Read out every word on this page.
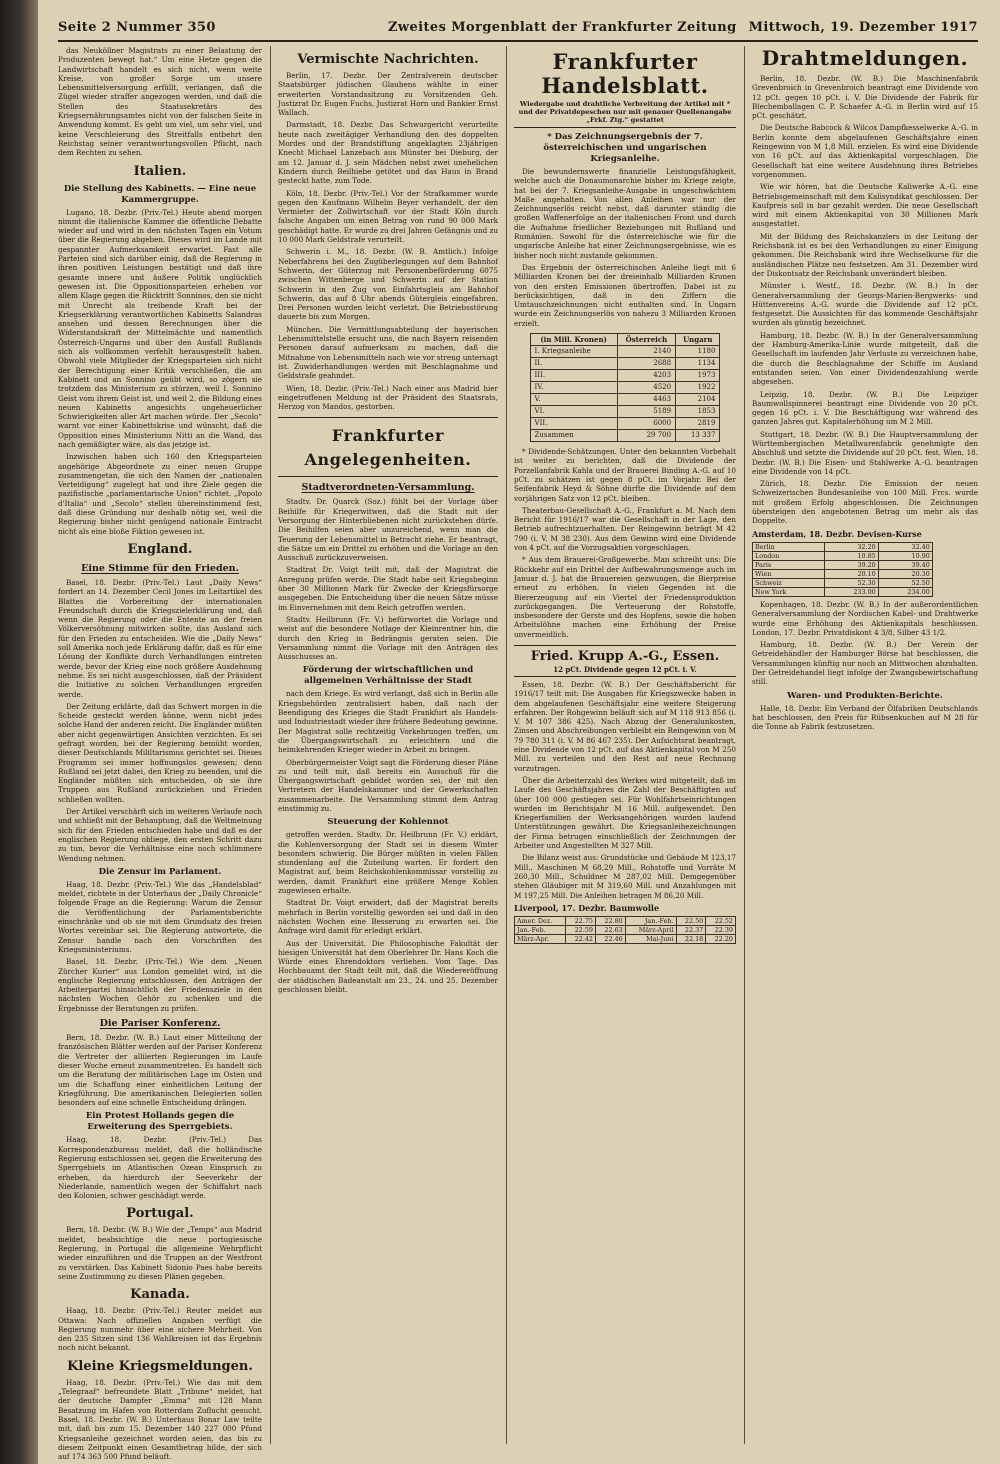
Seite 2 Nummer 350	Zweites Morgenblatt der Frankfurter Zeitung Mittwoch, 19. Dezember 1917

das Neuköllner Magistrats zu einer Belastung der Produzenten bewegt hat.“ Um eine Hetze gegen die Landwirtschaft handelt es sich nicht, wenn weite Kreise, von großer Sorge um unsere Lebensmittelversorgung erfüllt, verlangen, daß die Zügel wieder straffer angezogen werden, und daß die Stellen des Staatssekretärs des Kriegsernährungsamtes nicht von der falschen Seite in Anwendung kommt. Es geht um viel, um sehr viel, und keine Verschleierung des Streitfalls entbehrt den Reichstag seiner verantwortungsvollen Pflicht, nach dem Rechten zu sehen.

Italien.
Die Stellung des Kabinetts. — Eine neue Kammergruppe.

Lugano, 18. Dezbr. (Priv.-Tel.) Heute abend morgen nimmt die italienische Kammer die öffentliche Debatte wieder auf und wird in den nächsten Tagen ein Votum über die Regierung abgeben. Dieses wird im Lande mit gespannter Aufmerksamkeit erwartet. Fast alle Parteien sind sich darüber einig, daß die Regierung in ihren positiven Leistungen bestätigt und daß ihre gesamte innere und äußere Politik unglücklich gewesen ist. Die Oppositionsparteien erheben vor allem Klage gegen die Rücktritt Sonninos, den sie nicht mit Unrecht als treibende Kraft bei der Kriegserklärung verantwortlichen Kabinetts Salandras ansehen und dessen Berechnungen über die Widerstandskraft der Mittelmächte und namentlich Österreich-Ungarns und über den Ausfall Rußlands sich als vollkommen verfehlt herausgestellt haben. Obwohl viele Mitglieder der Kriegsparteien sich nicht der Berechtigung einer Kritik verschließen, die am Kabinett und an Sonnino geübt wird, so zögern sie trotzdem das Ministerium zu stürzen, weil I. Sonnino Geist vom ihrem Geist ist, und weil 2. die Bildung eines neuen Kabinetts angesichts ungeheuerlicher Schwierigkeiten aller Art machen würde. Der „Secolo“ warnt vor einer Kabinettskrise und wünscht, daß die Opposition eines Ministeriums Nitti an die Wand, das nach gemäßigter wäre, als das jetzige ist.

Inzwischen haben sich 160 den Kriegsparteien angehörige Abgeordnete zu einer neuen Gruppe zusammengetan, die sich den Namen der „nationalen Verteidigung“ zugelegt hat und ihre Ziele gegen die pazifistische „parlamentarische Union“ richtet. „Popolo d'Italia“ und „Secolo“ stellen übereinstimmend fest, daß diese Gründung nur deshalb nötig sei, weil die Regierung bisher nicht genügend nationale Eintracht nicht als eine bloße Fiktion gewesen ist.

England.
Eine Stimme für den Frieden.

Basel, 18. Dezbr. (Priv.-Tel.) Laut „Daily News“ fordert an 14. Dezember Cecil Jones im Leitartikel des Blattes die Vorbereitung der internationalen Freundschaft durch die Kriegszielerklärung und, daß wenn die Regierung oder die Entente an der freien Völkerversöhnung mitwirken sollte, das Ausland sich für den Frieden zu entscheiden. Wie die „Daily News“ soll Amerika noch jede Erklärung dafür, daß es für eine Lösung der Konflikte durch Verhandlungen eintreten werde, bevor der Krieg eine noch größere Ausdehnung nehme. Es sei nicht ausgeschlossen, daß der Präsident die Initiative zu solchen Verhandlungen ergreifen werde.

Der Zeitung erklärte, daß das Schwert morgen in die Scheide gesteckt werden könne, wenn nicht jedes solche Hand der anderen reicht. Die Engländer müßten aber nicht gegenwärtigen Ansichten verzichten. Es sei gefragt worden, bei der Regierung bemüht worden, dieser Deutschlands Mililtarismus gerichtet sei. Dieses Programm sei immer hoffnungslos gewesen; denn Rußland sei jetzt dabei, den Krieg zu beenden, und die Engländer müßten sich entscheiden, ob sie ihre Truppen aus Rußland zurückziehen und Frieden schließen wollten.

Der Artikel verschärft sich im weiteren Verlaufe noch und schließt mit der Behauptung, daß die Weltmeinung sich für den Frieden entschieden habe und daß es der englischen Regierung obliege, den ersten Schritt dazu zu tun, bevor die Verhältnisse eine noch schlimmere Wendung nehmen.

Die Zensur im Parlament.

Haag, 18. Dezbr. (Priv.-Tel.) Wie das „Handelsblad“ meldet, richtete in der Unterhaus der „Daily Chronicle“ folgende Frage an die Regierung: Warum die Zensur die Veröffentlichung der Parlamentsberichte einschränke und ob sie mit dem Grundsatz des freien Wortes vereinbar sei. Die Regierung antwortete, die Zensur handle nach den Vorschriften des Kriegsministeriums.

Basel, 18. Dezbr. (Priv.-Tel.) Wie dem „Neuen Zürcher Kurier“ aus London gemeldet wird, ist die englische Regierung entschlossen, den Anträgen der Arbeiterpartei hinsichtlich der Friedensziele in den nächsten Wochen Gehör zu schenken und die Ergebnisse der Beratungen zu prüfen.

Die Pariser Konferenz.

Bern, 18. Dezbr. (W. B.) Laut einer Mitteilung der französischen Blätter werden auf der Pariser Konferenz die Vertreter der alliierten Regierungen im Laufe dieser Woche erneut zusammentreten. Es handelt sich um die Beratung der militärischen Lage im Osten und um die Schaffung einer einheitlichen Leitung der Kriegführung. Die amerikanischen Delegierten sollen besonders auf eine schnelle Entscheidung drängen.

Ein Protest Hollands gegen die Erweiterung des Sperrgebiets.

Haag, 18. Dezbr. (Priv.-Tel.) Das Korrespondenzbureau meldet, daß die holländische Regierung entschlossen sei, gegen die Erweiterung des Sperrgebiets im Atlantischen Ozean Einspruch zu erheben, da hierdurch der Seeverkehr der Niederlande, namentlich wegen der Schiffahrt nach den Kolonien, schwer geschädigt werde.

Portugal.

Bern, 18. Dezbr. (W. B.) Wie der „Temps“ aus Madrid meldet, beabsichtige die neue portugiesische Regierung, in Portugal die allgemeine Wehrpflicht wieder einzuführen und die Truppen an der Westfront zu verstärken. Das Kabinett Sidonio Paes habe bereits seine Zustimmung zu diesen Plänen gegeben.

Kanada.

Haag, 18. Dezbr. (Priv.-Tel.) Reuter meldet aus Ottawa: Nach offiziellen Angaben verfügt die Regierung nunmehr über eine sichere Mehrheit. Von den 235 Sitzen sind 136 Wahlkreisen ist das Ergebnis noch nicht bekannt.

Kleine Kriegsmeldungen.

Haag, 18. Dezbr. (Priv.-Tel.) Wie das mit dem „Telegraaf“ befreundete Blatt „Tribune“ meldet, hat der deutsche Dampfer „Emma“ mit 128 Mann Besatzung im Hafen von Rotterdam Zuflucht gesucht. Basel, 18. Dezbr. (W. B.) Unterhaus Bonar Law teilte mit, daß bis zum 15. Dezember 140 227 000 Pfund Kriegsanleihe gezeichnet worden seien, das bis zu diesem Zeitpunkt einen Gesamtbetrag bilde, der sich auf 174 363 500 Pfund beläuft.

Vermischte Nachrichten.

Berlin, 17. Dezbr. Der Zentralverein deutscher Staatsbürger jüdischen Glaubens wählte in einer erweiterten Vorstandssitzung zu Vorsitzenden Geh. Justizrat Dr. Eugen Fuchs, Justizrat Horn und Bankier Ernst Wallach.

Darmstadt, 18. Dezbr. Das Schwurgericht verurteilte heute nach zweitägiger Verhandlung den des doppelten Mordes und der Brandstiftung angeklagten 23jährigen Knecht Michael Lanzebach aus Münster bei Dieburg, der am 12. Januar d. J. sein Mädchen nebst zwei unehelichen Kindern durch Beilhiebe getötet und das Haus in Brand gesteckt hatte, zum Tode.

Köln, 18. Dezbr. (Priv.-Tel.) Vor der Strafkammer wurde gegen den Kaufmann Wilhelm Beyer verhandelt, der den Vermieter der Zollwirtschaft vor der Stadt Köln durch falsche Angaben um einen Betrag von rund 90 000 Mark geschädigt hatte. Er wurde zu drei Jahren Gefängnis und zu 10 000 Mark Geldstrafe verurteilt.

Schwerin i. M., 18. Dezbr. (W. B. Amtlich.) Infolge Neberfahrens bei den Zugüberlegungen auf dem Bahnhof Schwerin, der Güterzug mit Personenbeförderung 6075 zwischen Wittenberge und Schwerin auf der Station Schwerin in den Zug von Einfahrtsgleis am Bahnhof Schwerin, das auf 8 Uhr abends Gütergleis eingefahren. Drei Personen wurden leicht verletzt. Die Betriebsstörung dauerte bis zum Morgen.

München. Die Vermittlungsabteilung der bayerischen Lebensmittelstelle ersucht uns, die nach Bayern reisenden Personen darauf aufmerksam zu machen, daß die Mitnahme von Lebensmitteln nach wie vor streng untersagt ist. Zuwiderhandlungen werden mit Beschlagnahme und Geldstrafe geahndet.

Wien, 18. Dezbr. (Priv.-Tel.) Nach einer aus Madrid hier eingetroffenen Meldung ist der Präsident des Staatsrats, Herzog von Mandos, gestorben.

Frankfurter Angelegenheiten.
Stadtverordneten-Versammlung.

Stadtv. Dr. Quarck (Soz.) fühlt bei der Vorlage über Beihilfe für Kriegerwitwen, daß die Stadt mit der Versorgung der Hinterbliebenen nicht zurückstehen dürfe. Die Beihilfen seien aber unzureichend, wenn man die Teuerung der Lebensmittel in Betracht ziehe. Er beantragt, die Sätze um ein Drittel zu erhöhen und die Vorlage an den Ausschuß zurückzuverweisen.

Stadtrat Dr. Voigt teilt mit, daß der Magistrat die Anregung prüfen werde. Die Stadt habe seit Kriegsbeginn über 30 Millionen Mark für Zwecke der Kriegsfürsorge ausgegeben. Die Entscheidung über die neuen Sätze müsse im Einvernehmen mit dem Reich getroffen werden.

Stadtv. Heilbrunn (Fr. V.) befürwortet die Vorlage und weist auf die besondere Notlage der Kleinrentner hin, die durch den Krieg in Bedrängnis geraten seien. Die Versammlung nimmt die Vorlage mit den Anträgen des Ausschusses an.

Förderung der wirtschaftlichen und allgemeinen Verhältnisse der Stadt

nach dem Kriege. Es wird verlangt, daß sich in Berlin alle Kriegsbehörden zentralisiert haben, daß nach der Beendigung des Krieges die Stadt Frankfurt als Handels- und Industriestadt wieder ihre frühere Bedeutung gewinne. Der Magistrat solle rechtzeitig Vorkehrungen treffen, um die Übergangswirtschaft zu erleichtern und die heimkehrenden Krieger wieder in Arbeit zu bringen.

Oberbürgermeister Voigt sagt die Förderung dieser Pläne zu und teilt mit, daß bereits ein Ausschuß für die Übergangswirtschaft gebildet worden sei, der mit den Vertretern der Handelskammer und der Gewerkschaften zusammenarbeite. Die Versammlung stimmt dem Antrag einstimmig zu.

Steuerung der Kohlennot

getroffen werden. Stadtv. Dr. Heilbrunn (Fr. V.) erklärt, die Kohlenversorgung der Stadt sei in diesem Winter besonders schwierig. Die Bürger müßten in vielen Fällen stundenlang auf die Zuteilung warten. Er fordert den Magistrat auf, beim Reichskohlenkommissar vorstellig zu werden, damit Frankfurt eine größere Menge Kohlen zugewiesen erhalte.

Stadtrat Dr. Voigt erwidert, daß der Magistrat bereits mehrfach in Berlin vorstellig geworden sei und daß in den nächsten Wochen eine Besserung zu erwarten sei. Die Anfrage wird damit für erledigt erklärt.

Aus der Universität. Die Philosophische Fakultät der hiesigen Universität hat dem Oberlehrer Dr. Hans Koch die Würde eines Ehrendoktors verliehen. Vom Tage. Das Hochbauamt der Stadt teilt mit, daß die Wiedereröffnung der städtischen Badeanstalt am 23., 24. und 25. Dezember geschlossen bleibt.

Frankfurter Handelsblatt.
Wiedergabe und drahtliche Verbreitung der Artikel mit * und der Privatdepeschen nur mit genauer Quellenangabe „Frkf. Ztg.“ gestattet
* Das Zeichnungsergebnis der 7. österreichischen und ungarischen Kriegsanleihe.

Die bewundernswerte finanzielle Leistungsfähigkeit, welche auch die Donaumonarchie bisher im Kriege zeigte, hat bei der 7. Kriegsanleihe-Ausgabe in ungeschwächtem Maße angehalten. Von allen Anleihen war nur der Zeichnungserlös reicht nebst, daß darunter ständig die großen Waffenerfolge an der italienischen Front und durch die Aufnahme friedlicher Beziehungen mit Rußland und Rumänien. Sowohl für die österreichische wie für die ungarische Anleihe hat einer Zeichnungsergebnisse, wie es bisher noch nicht zustande gekommen.

Das Ergebnis der österreichischen Anleihe liegt mit 6 Milliarden Kronen bei der dreieinhalb Milliarden Kronen von den ersten Emissionen übertroffen. Dabei ist zu berücksichtigen, daß in den Ziffern die Umtauschzeichnungen nicht enthalten sind. In Ungarn wurde ein Zeichnungserlös von nahezu 3 Milliarden Kronen erzielt.

(in Mill. Kronen)	Österreich	Ungarn
I. Kriegsanleihe	2140	1180
II.	2688	1134
III.	4203	1973
IV.	4520	1922
V.	4463	2104
VI.	5189	1853
VII.	6000	2819
Zusammen	29 700	13 337

* Dividende-Schätzungen. Unter den bekannten Vorbehalt ist weiter zu berichten, daß die Dividende der Porzellanfabrik Kahla und der Brauerei Binding A.-G. auf 10 pCt. zu schätzen ist gegen 8 pCt. im Vorjahr. Bei der Seifenfabrik Heyd & Söhne dürfte die Dividende auf dem vorjährigen Satz von 12 pCt. bleiben.

Theaterbau-Gesellschaft A.-G., Frankfurt a. M. Nach dem Bericht für 1916/17 war die Gesellschaft in der Lage, den Betrieb aufrechtzuerhalten. Der Reingewinn beträgt M 42 790 (i. V. M 38 230). Aus dem Gewinn wird eine Dividende von 4 pCt. auf die Vorzugsaktien vorgeschlagen.

* Aus dem Brauerei-Großgewerbe. Man schreibt uns: Die Rückkehr auf ein Drittel der Aufbewahrungsmenge auch im Januar d. J. hat die Brauereien gezwungen, die Bierpreise erneut zu erhöhen. In vielen Gegenden ist die Biererzeugung auf ein Viertel der Friedensproduktion zurückgegangen. Die Verteuerung der Rohstoffe, insbesondere der Gerste und des Hopfens, sowie die hohen Arbeitslöhne machen eine Erhöhung der Preise unvermeidlich.

Fried. Krupp A.-G., Essen.
12 pCt. Dividende gegen 12 pCt. i. V.

Essen, 18. Dezbr. (W. B.) Der Geschäftsbericht für 1916/17 teilt mit: Die Ausgaben für Kriegszwecke haben in dem abgelaufenen Geschäftsjahr eine weitere Steigerung erfahren. Der Rohgewinn beläuft sich auf M 118 913 856 (i. V. M 107 386 425). Nach Abzug der Generalunkosten, Zinsen und Abschreibungen verbleibt ein Reingewinn von M 79 780 311 (i. V. M 86 467 235). Der Aufsichtsrat beantragt, eine Dividende von 12 pCt. auf das Aktienkapital von M 250 Mill. zu verteilen und den Rest auf neue Rechnung vorzutragen.

Über die Arbeiterzahl des Werkes wird mitgeteilt, daß im Laufe des Geschäftsjahres die Zahl der Beschäftigten auf über 100 000 gestiegen sei. Für Wohlfahrtseinrichtungen wurden im Berichtsjahr M 16 Mill. aufgewendet. Den Kriegerfamilien der Werksangehörigen wurden laufend Unterstützungen gewährt. Die Kriegsanleihezeichnungen der Firma betrugen einschließlich der Zeichnungen der Arbeiter und Angestellten M 327 Mill.

Die Bilanz weist aus: Grundstücke und Gebäude M 123,17 Mill., Maschinen M 68,29 Mill., Rohstoffe und Vorräte M 260,30 Mill., Schuldner M 287,02 Mill. Demgegenüber stehen Gläubiger mit M 319,60 Mill. und Anzahlungen mit M 197,25 Mill. Die Anleihen betragen M 86,20 Mill.

Liverpool, 17. Dezbr. Baumwolle
Amer. Dez.	22.75	22.80	Jan.-Feb.	22.50	22.52
Jan.-Feb.	22.59	22.63	März-April	22.37	22.39
März-Apr.	22.42	22.46	Mai-Juni	22.18	22.20
Drahtmeldungen.

Berlin, 18. Dezbr. (W. B.) Die Maschinenfabrik Grevenbroich in Grevenbroich beantragt eine Dividende von 12 pCt. gegen 10 pCt. i. V. Die Dividende der Fabrik für Blechemballagen C. P. Schaefer A.-G. in Berlin wird auf 15 pCt. geschätzt.

Die Deutsche Babcock & Wilcox Dampfkesselwerke A.-G. in Berlin konnte dem abgelaufenen Geschäftsjahre einen Reingewinn von M 1,8 Mill. erzielen. Es wird eine Dividende von 16 pCt. auf das Aktienkapital vorgeschlagen. Die Gesellschaft hat eine weitere Ausdehnung ihres Betriebes vorgenommen.

Wie wir hören, hat die Deutsche Kaliwerke A.-G. eine Betriebsgemeinschaft mit dem Kalisyndikat geschlossen. Der Kaufpreis soll in bar gezahlt werden. Die neue Gesellschaft wird mit einem Aktienkapital von 30 Millionen Mark ausgestattet.

Mit der Bildung des Reichskanzlers in der Leitung der Reichsbank ist es bei den Verhandlungen zu einer Einigung gekommen. Die Reichsbank wird ihre Wechselkurse für die ausländischen Plätze neu festsetzen. Am 31. Dezember wird der Diskontsatz der Reichsbank unverändert bleiben.

Münster i. Westf., 18. Dezbr. (W. B.) In der Generalversammlung der Georgs-Marien-Bergwerks- und Hüttenvereins A.-G. wurde die Dividende auf 12 pCt. festgesetzt. Die Aussichten für das kommende Geschäftsjahr wurden als günstig bezeichnet.

Hamburg, 18. Dezbr. (W. B.) In der Generalversammlung der Hamburg-Amerika-Linie wurde mitgeteilt, daß die Gesellschaft im laufenden Jahr Verluste zu verzeichnen habe, die durch die Beschlagnahme der Schiffe im Ausland entstanden seien. Von einer Dividendenzahlung werde abgesehen.

Leipzig, 18. Dezbr. (W. B.) Die Leipziger Baumwollspinnerei beantragt eine Dividende von 20 pCt. gegen 16 pCt. i. V. Die Beschäftigung war während des ganzen Jahres gut. Kapitalerhöhung um M 2 Mill.

Stuttgart, 18. Dezbr. (W. B.) Die Hauptversammlung der Württembergischen Metallwarenfabrik genehmigte den Abschluß und setzte die Dividende auf 20 pCt. fest. Wien, 18. Dezbr. (W. B.) Die Eisen- und Stahlwerke A.-G. beantragen eine Dividende von 14 pCt.

Zürich, 18. Dezbr. Die Emission der neuen Schweizerischen Bundesanleihe von 100 Mill. Frcs. wurde mit großem Erfolg abgeschlossen. Die Zeichnungen übersteigen den angebotenen Betrag um mehr als das Doppelte.

Amsterdam, 18. Dezbr. Devisen-Kurse
Berlin	32.20	32.40
London	10.85	10.90
Paris	39.20	39.40
Wien	20.10	20.30
Schweiz	52.30	52.50
New York	233.00	234.00

Kopenhagen, 18. Dezbr. (W. B.) In der außerordentlichen Generalversammlung der Nordischen Kabel- und Drahtwerke wurde eine Erhöhung des Aktienkapitals beschlossen. London, 17. Dezbr. Privatdiskont 4 3/8, Silber 43 1/2.

Hamburg, 18. Dezbr. (W. B.) Der Verein der Getreidehändler der Hamburger Börse hat beschlossen, die Versammlungen künftig nur noch an Mittwochen abzuhalten. Der Getreidehandel liegt infolge der Zwangsbewirtschaftung still.

Waren- und Produkten-Berichte.

Halle, 18. Dezbr. Ein Verband der Ölfabriken Deutschlands hat beschlossen, den Preis für Rübsenkuchen auf M 28 für die Tonne ab Fabrik festzusetzen.
